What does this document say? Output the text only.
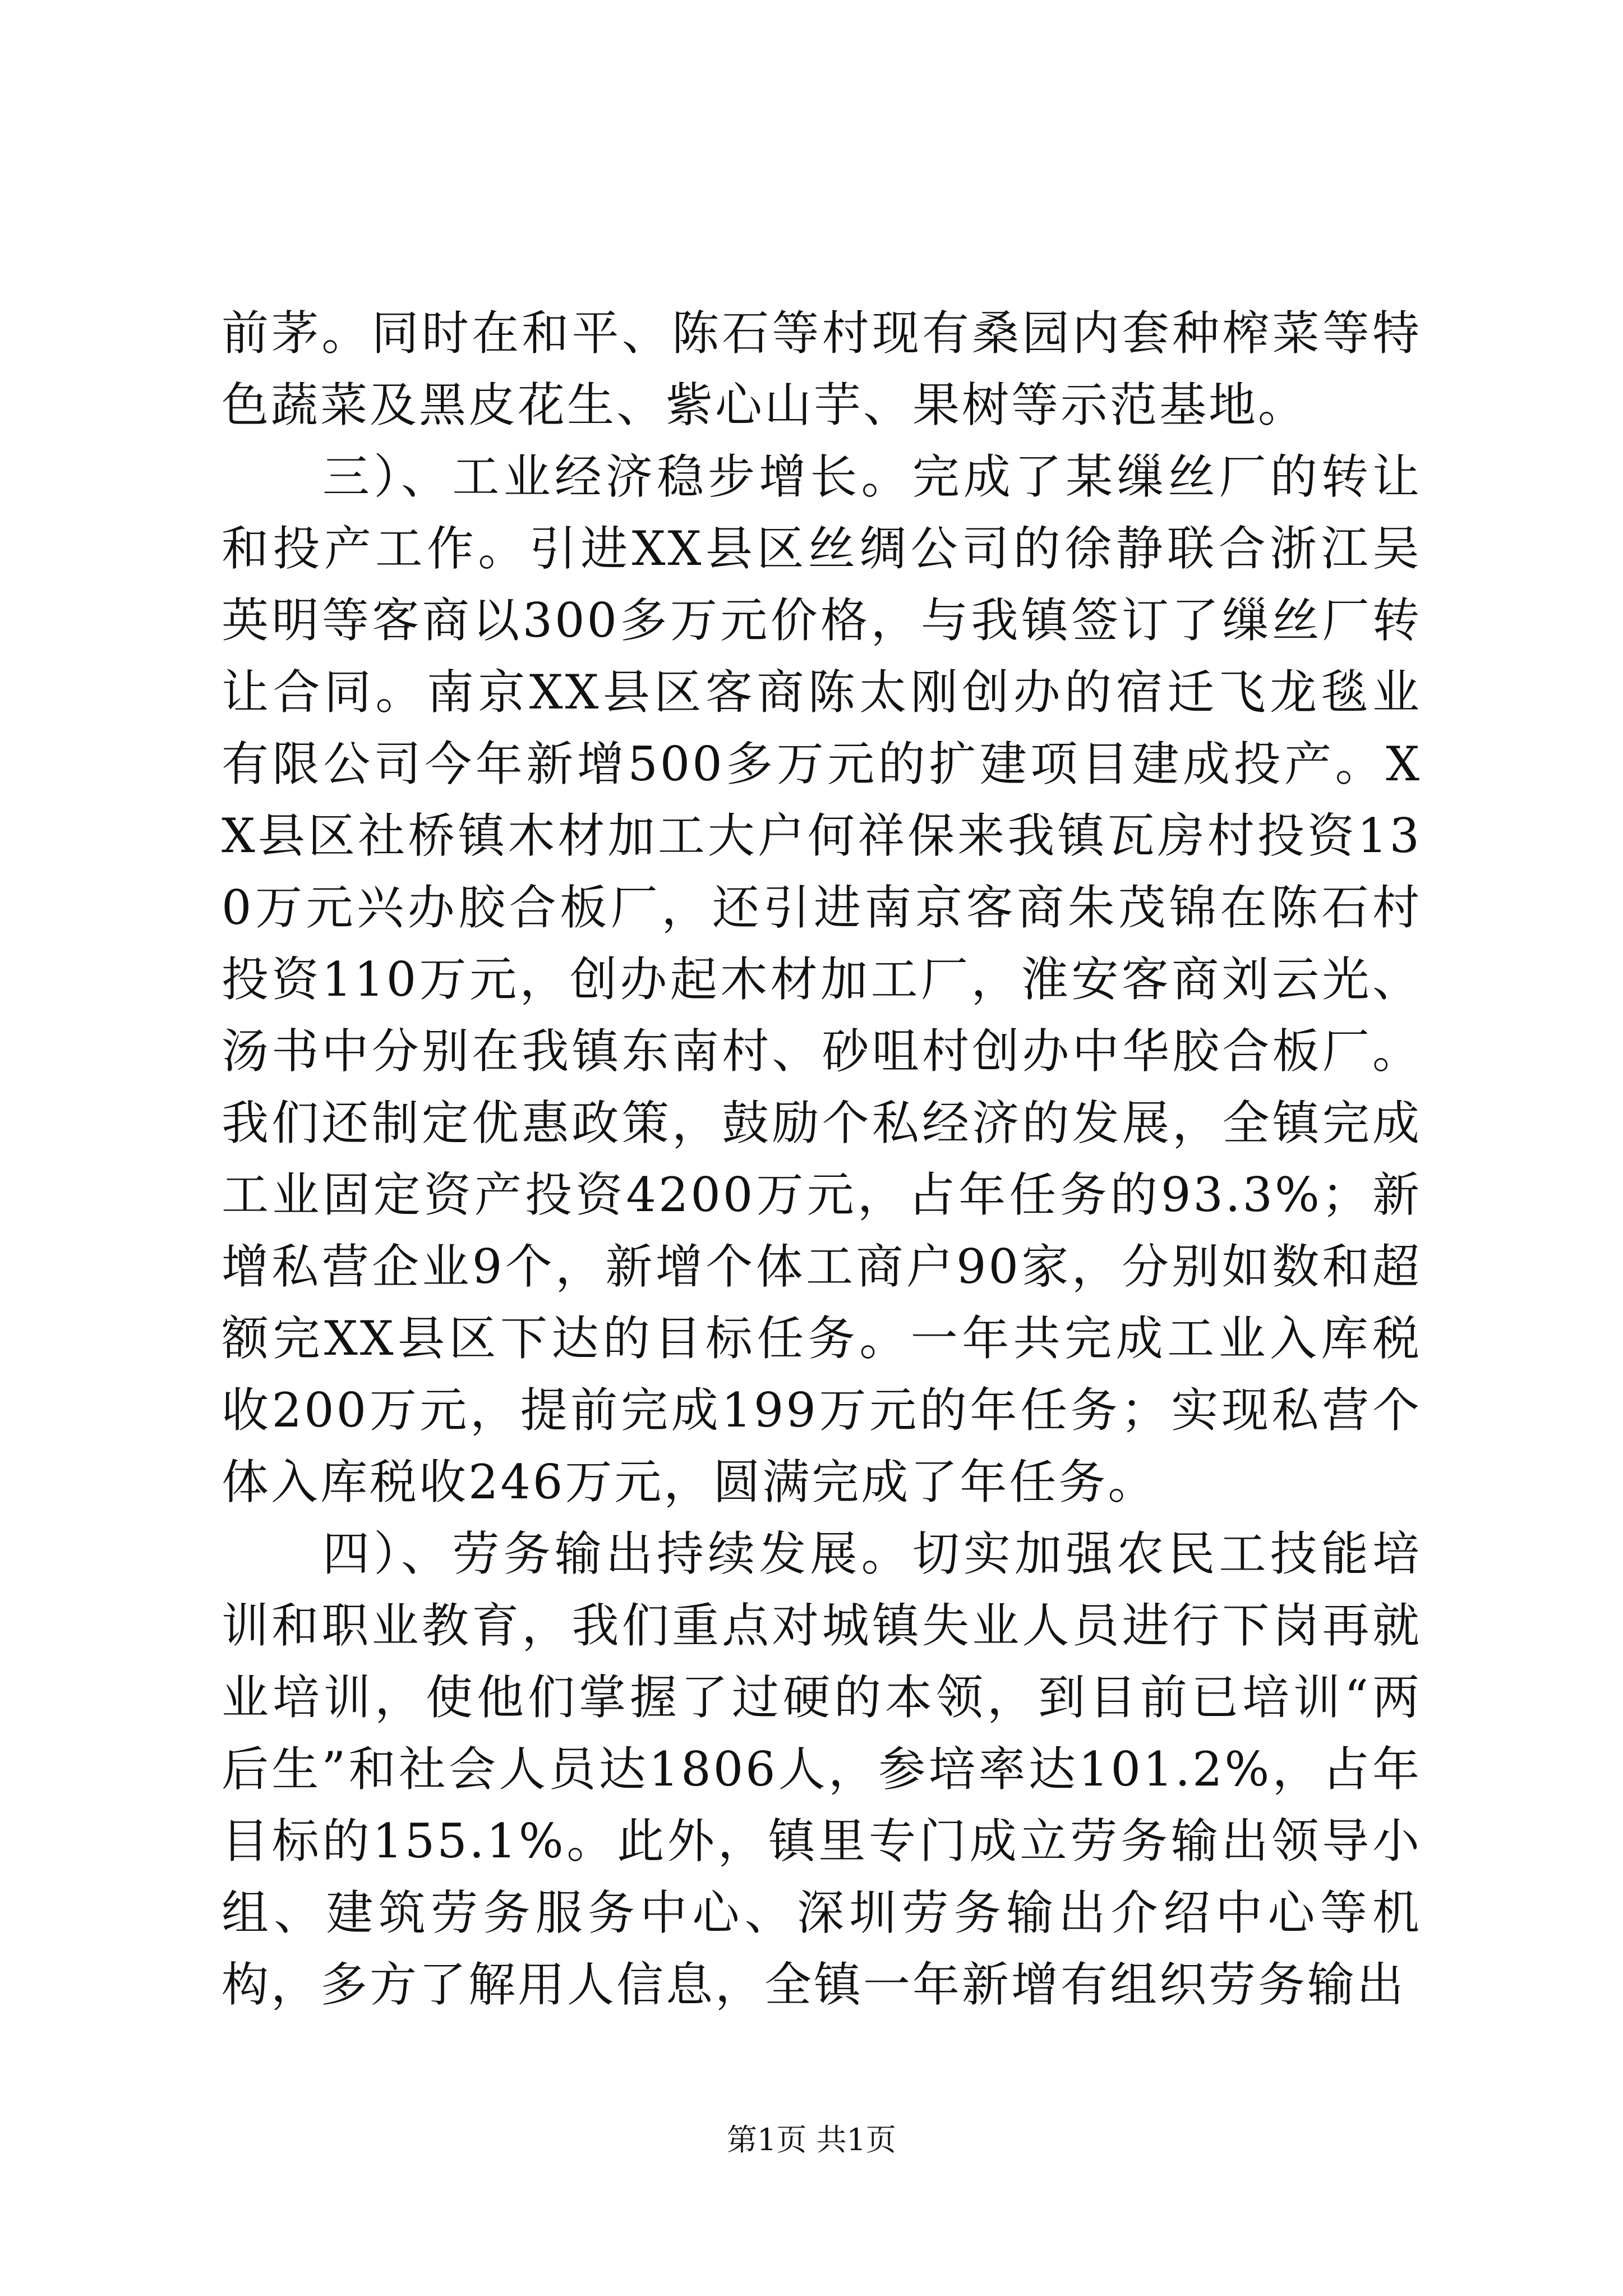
前茅。同时在和平、陈石等村现有桑园内套种榨菜等特色蔬菜及黑皮花生、紫心山芋、果树等示范基地。

三）、工业经济稳步增长。完成了某缫丝厂的转让和投产工作。引进XX县区丝绸公司的徐静联合浙江吴英明等客商以300多万元价格，与我镇签订了缫丝厂转让合同。南京XX县区客商陈太刚创办的宿迁飞龙毯业有限公司今年新增500多万元的扩建项目建成投产。XX县区社桥镇木材加工大户何祥保来我镇瓦房村投资130万元兴办胶合板厂，还引进南京客商朱茂锦在陈石村投资110万元，创办起木材加工厂，淮安客商刘云光、汤书中分别在我镇东南村、砂咀村创办中华胶合板厂。我们还制定优惠政策，鼓励个私经济的发展，全镇完成工业固定资产投资4200万元，占年任务的93.3%；新增私营企业9个，新增个体工商户90家，分别如数和超额完XX县区下达的目标任务。一年共完成工业入库税收200万元，提前完成199万元的年任务；实现私营个体入库税收246万元，圆满完成了年任务。

四）、劳务输出持续发展。切实加强农民工技能培训和职业教育，我们重点对城镇失业人员进行下岗再就业培训，使他们掌握了过硬的本领，到目前已培训“两后生”和社会人员达1806人，参培率达101.2%，占年目标的155.1%。此外，镇里专门成立劳务输出领导小组、建筑劳务服务中心、深圳劳务输出介绍中心等机构，多方了解用人信息，全镇一年新增有组织劳务输出

第1页 共1页
